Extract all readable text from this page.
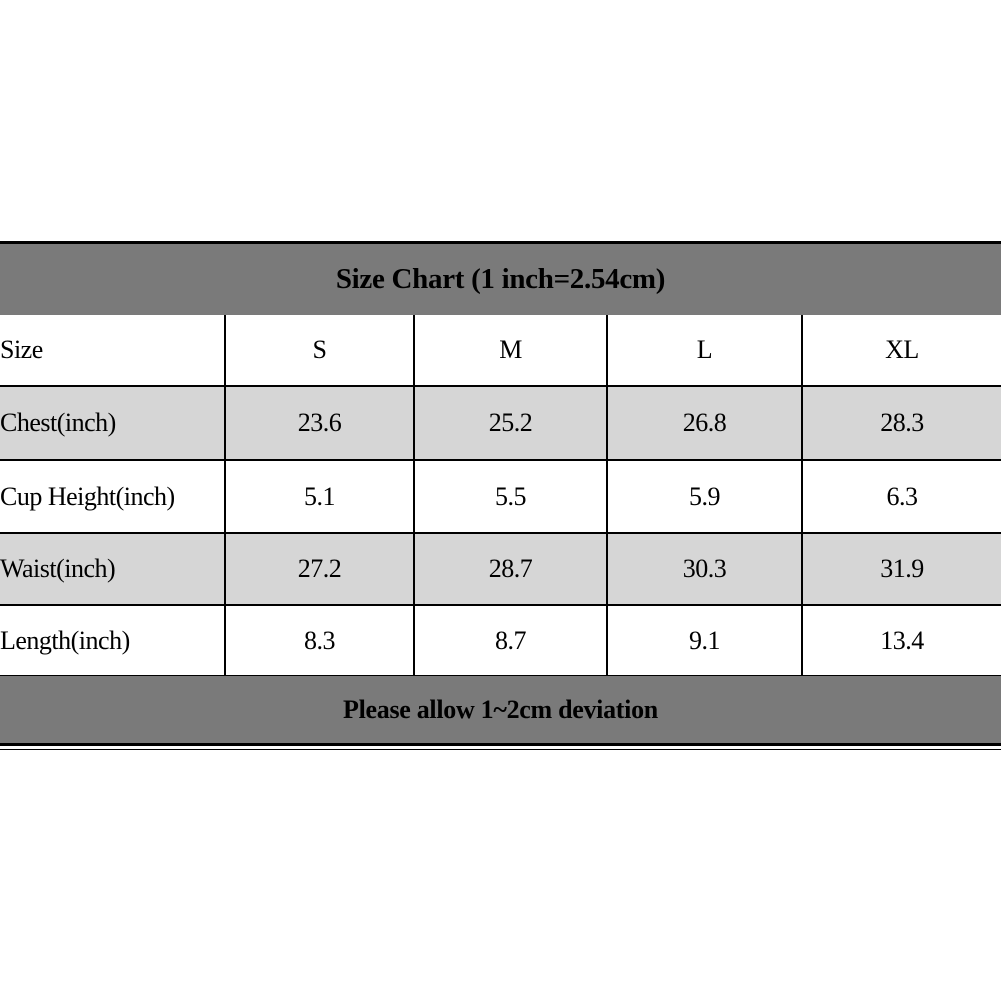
Size Chart (1 inch=2.54cm)
Size	S	M	L	XL
Chest(inch)	23.6	25.2	26.8	28.3
Cup Height(inch)	5.1	5.5	5.9	6.3
Waist(inch)	27.2	28.7	30.3	31.9
Length(inch)	8.3	8.7	9.1	13.4
Please allow 1~2cm deviation
